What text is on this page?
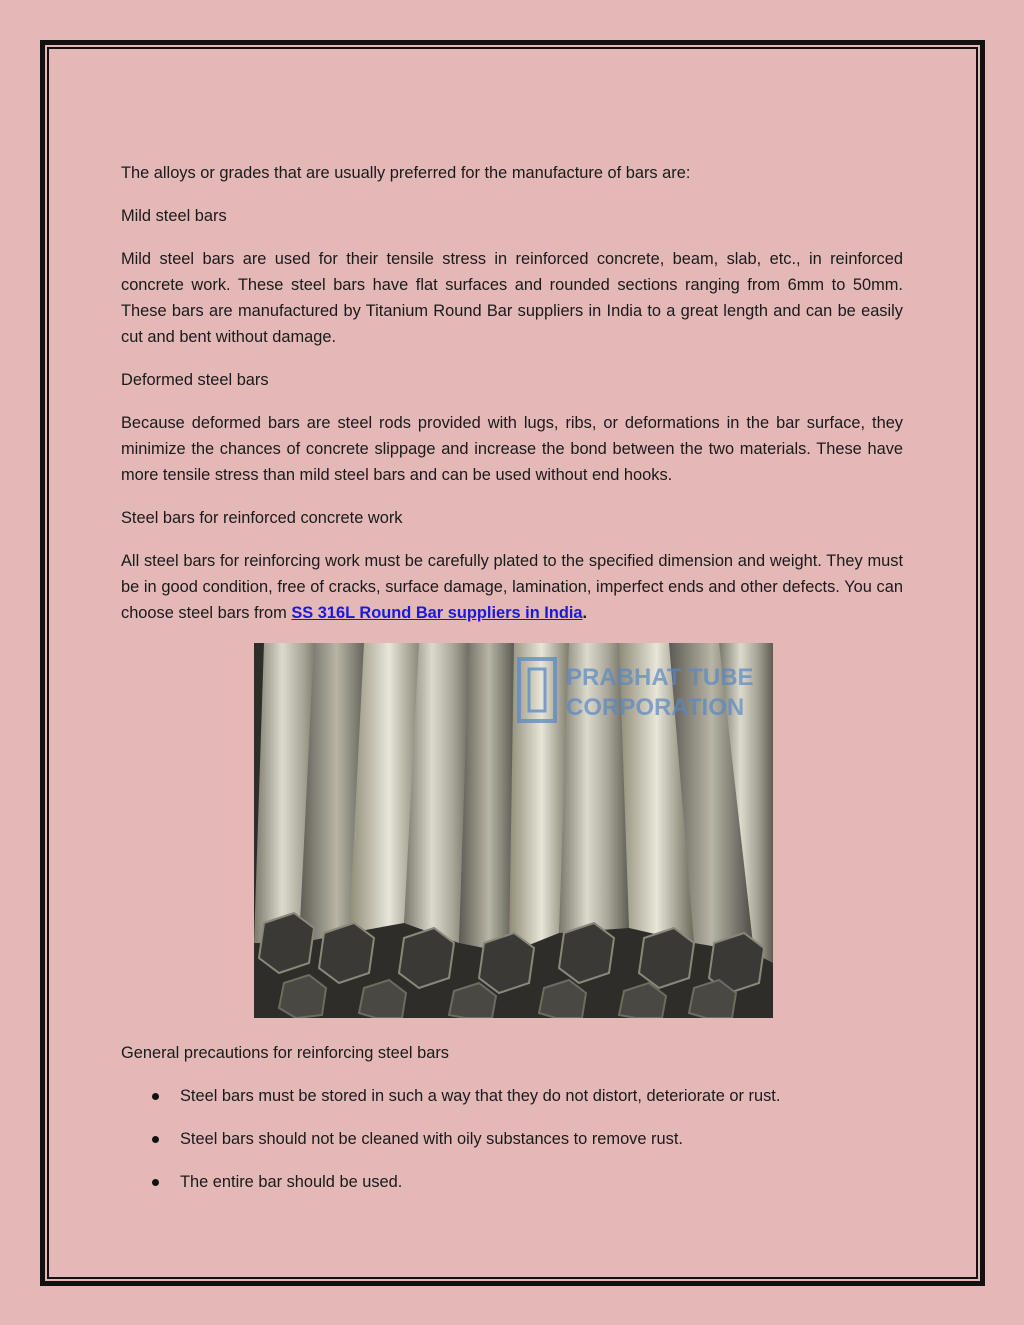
The alloys or grades that are usually preferred for the manufacture of bars are:

Mild steel bars

Mild steel bars are used for their tensile stress in reinforced concrete, beam, slab, etc., in reinforced concrete work. These steel bars have flat surfaces and rounded sections ranging from 6mm to 50mm. These bars are manufactured by Titanium Round Bar suppliers in India to a great length and can be easily cut and bent without damage.

Deformed steel bars

Because deformed bars are steel rods provided with lugs, ribs, or deformations in the bar surface, they minimize the chances of concrete slippage and increase the bond between the two materials. These have more tensile stress than mild steel bars and can be used without end hooks.

Steel bars for reinforced concrete work

All steel bars for reinforcing work must be carefully plated to the specified dimension and weight. They must be in good condition, free of cracks, surface damage, lamination, imperfect ends and other defects. You can choose steel bars from SS 316L Round Bar suppliers in India.

PRABHAT TUBE
CORPORATION

General precautions for reinforcing steel bars

Steel bars must be stored in such a way that they do not distort, deteriorate or rust.
Steel bars should not be cleaned with oily substances to remove rust.
The entire bar should be used.
